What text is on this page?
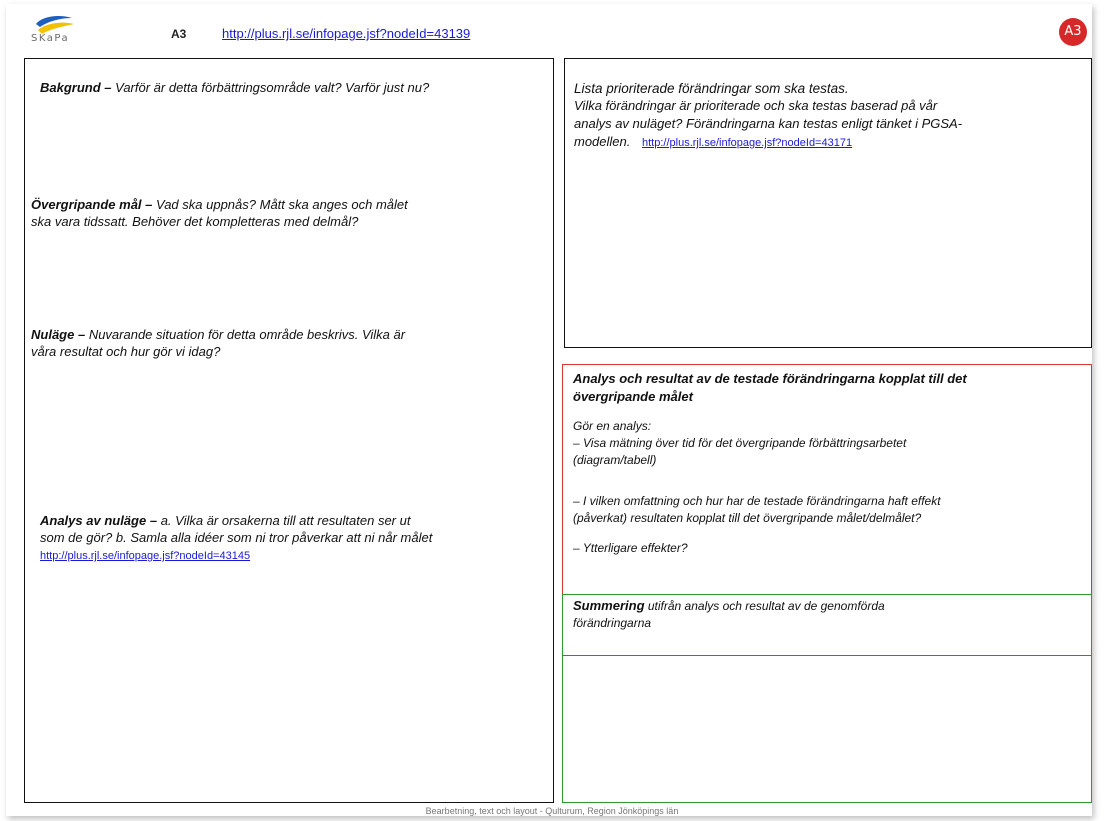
SKaPa	A3	http://plus.rjl.se/infopage.jsf?nodeId=43139	A3
Bakgrund – Varför är detta förbättringsområde valt? Varför just nu?
Övergripande mål – Vad ska uppnås? Mått ska anges och målet
ska vara tidssatt. Behöver det kompletteras med delmål?
Nuläge – Nuvarande situation för detta område beskrivs. Vilka är
våra resultat och hur gör vi idag?
Analys av nuläge – a. Vilka är orsakerna till att resultaten ser ut
som de gör? b. Samla alla idéer som ni tror påverkar att ni når målet
http://plus.rjl.se/infopage.jsf?nodeId=43145
Lista prioriterade förändringar som ska testas.
Vilka förändringar är prioriterade och ska testas baserad på vår
analys av nuläget? Förändringarna kan testas enligt tänket i PGSA-
modellen. http://plus.rjl.se/infopage.jsf?nodeId=43171
Analys och resultat av de testade förändringarna kopplat till det
övergripande målet
Gör en analys:
– Visa mätning över tid för det övergripande förbättringsarbetet
(diagram/tabell)
– I vilken omfattning och hur har de testade förändringarna haft effekt
(påverkat) resultaten kopplat till det övergripande målet/delmålet?
– Ytterligare effekter?
Summering utifrån analys och resultat av de genomförda
förändringarna
Bearbetning, text och layout - Qulturum, Region Jönköpings län
